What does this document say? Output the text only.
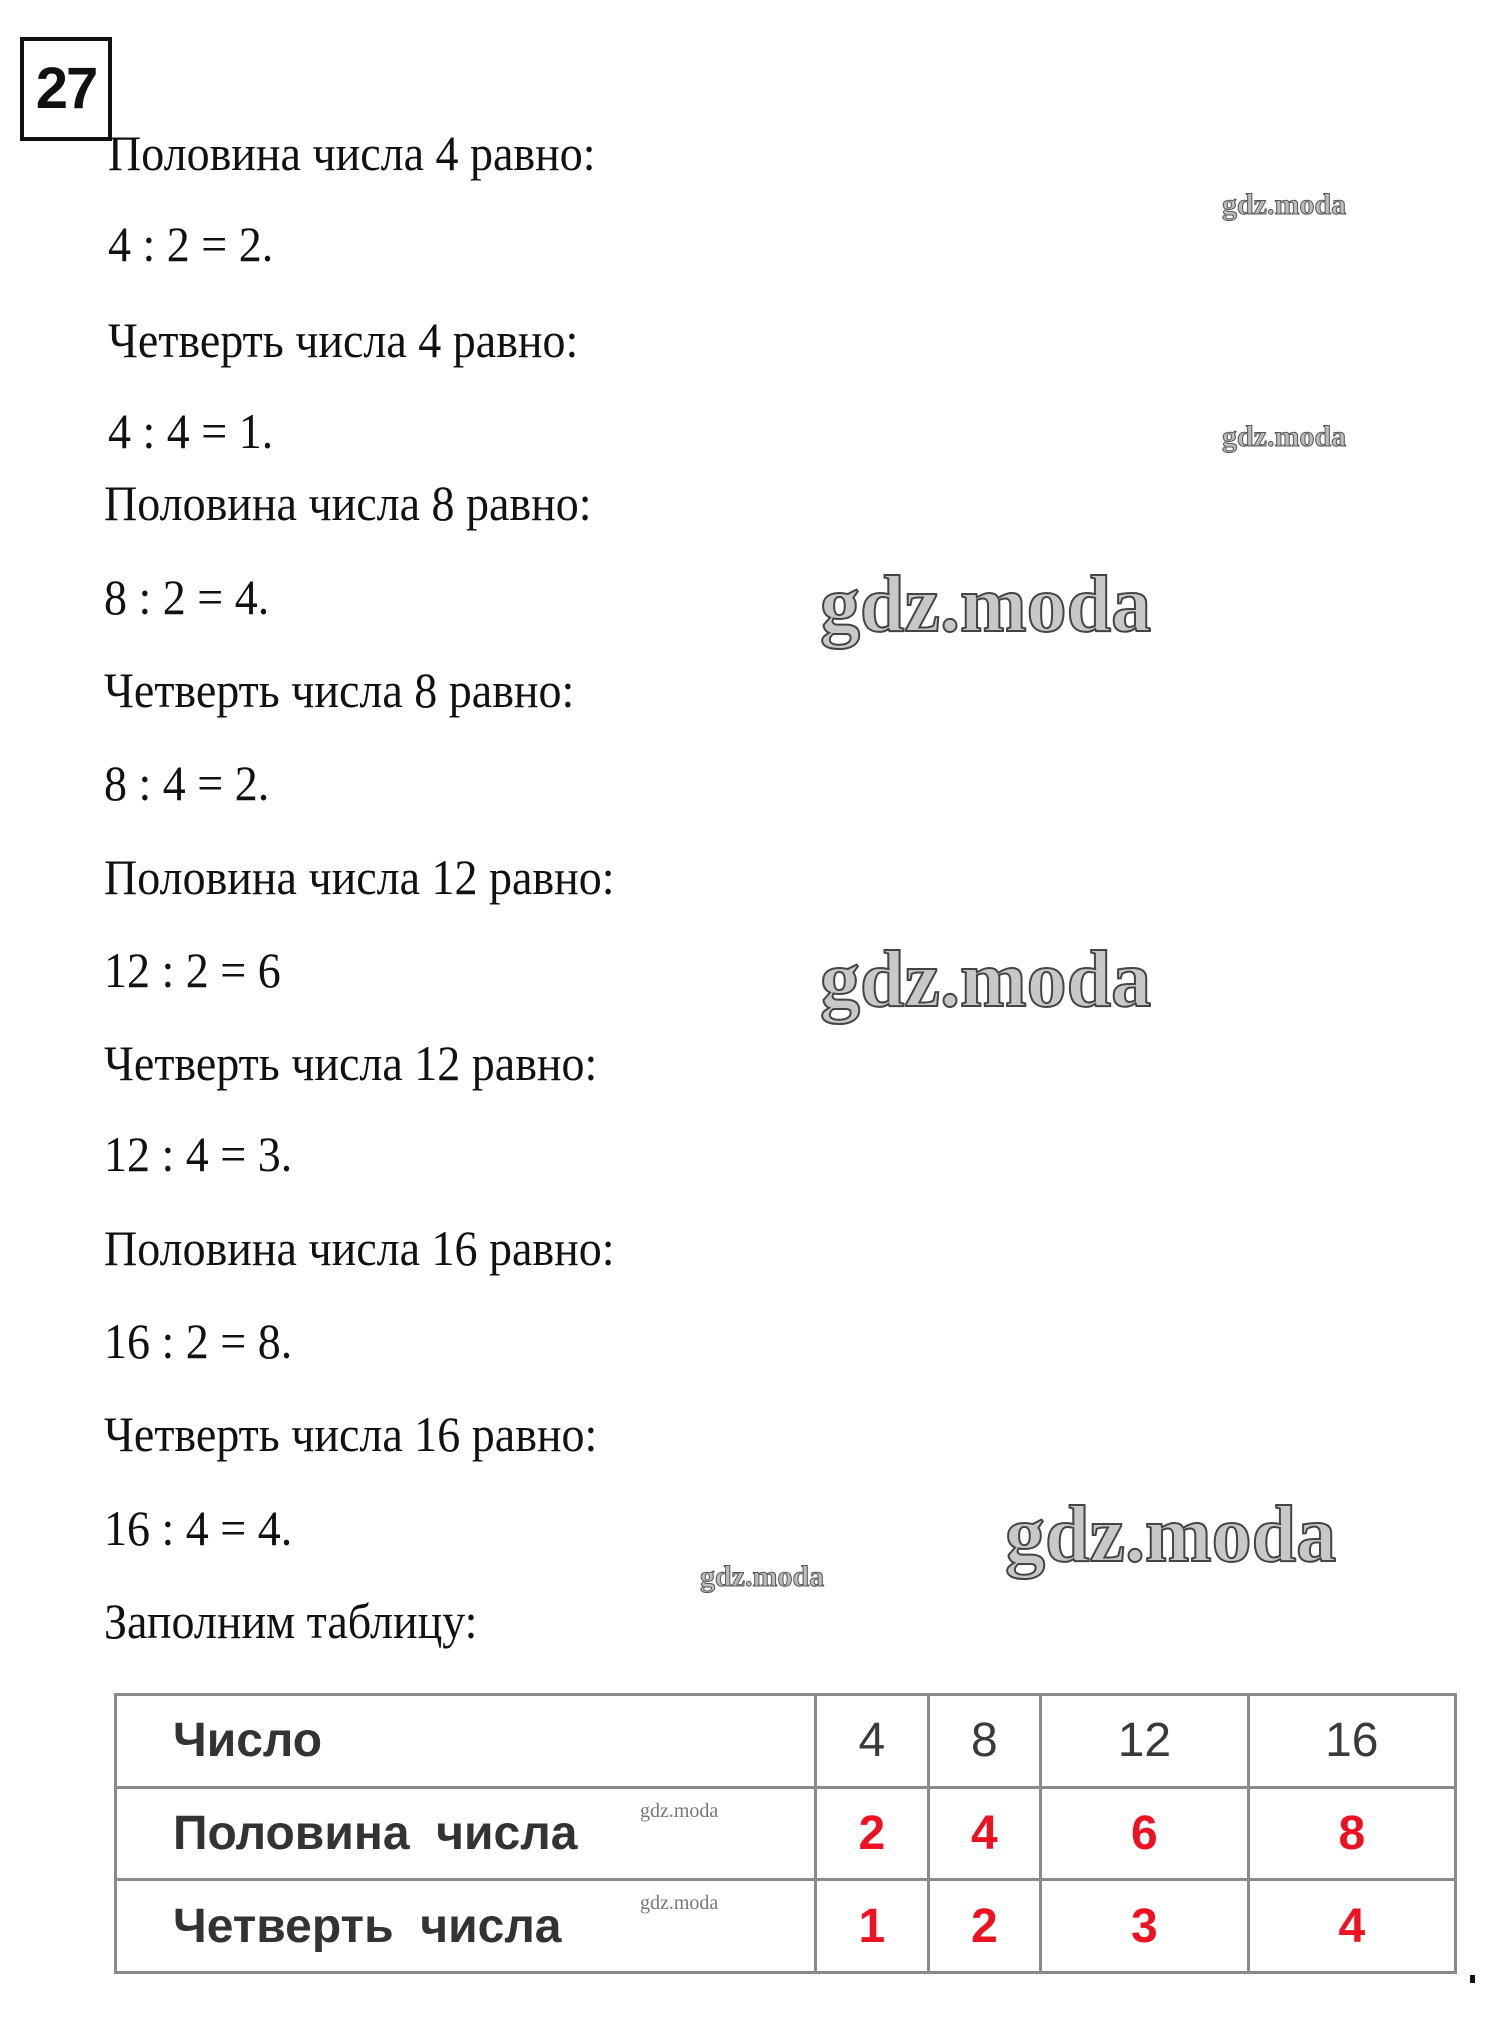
27
Половина числа 4 равно:
4 : 2 = 2.
Четверть числа 4 равно:
4 : 4 = 1.
Половина числа 8 равно:
8 : 2 = 4.
Четверть числа 8 равно:
8 : 4 = 2.
Половина числа 12 равно:
12 : 2 = 6
Четверть числа 12 равно:
12 : 4 = 3.
Половина числа 16 равно:
16 : 2 = 8.
Четверть числа 16 равно:
16 : 4 = 4.
Заполним таблицу:
Число	4	8	12	16
Половина  числа	2	4	6	8
Четверть  числа	1	2	3	4
gdz.moda
gdz.moda
gdz.moda
gdz.moda
gdz.moda
gdz.moda
gdz.moda
gdz.moda
